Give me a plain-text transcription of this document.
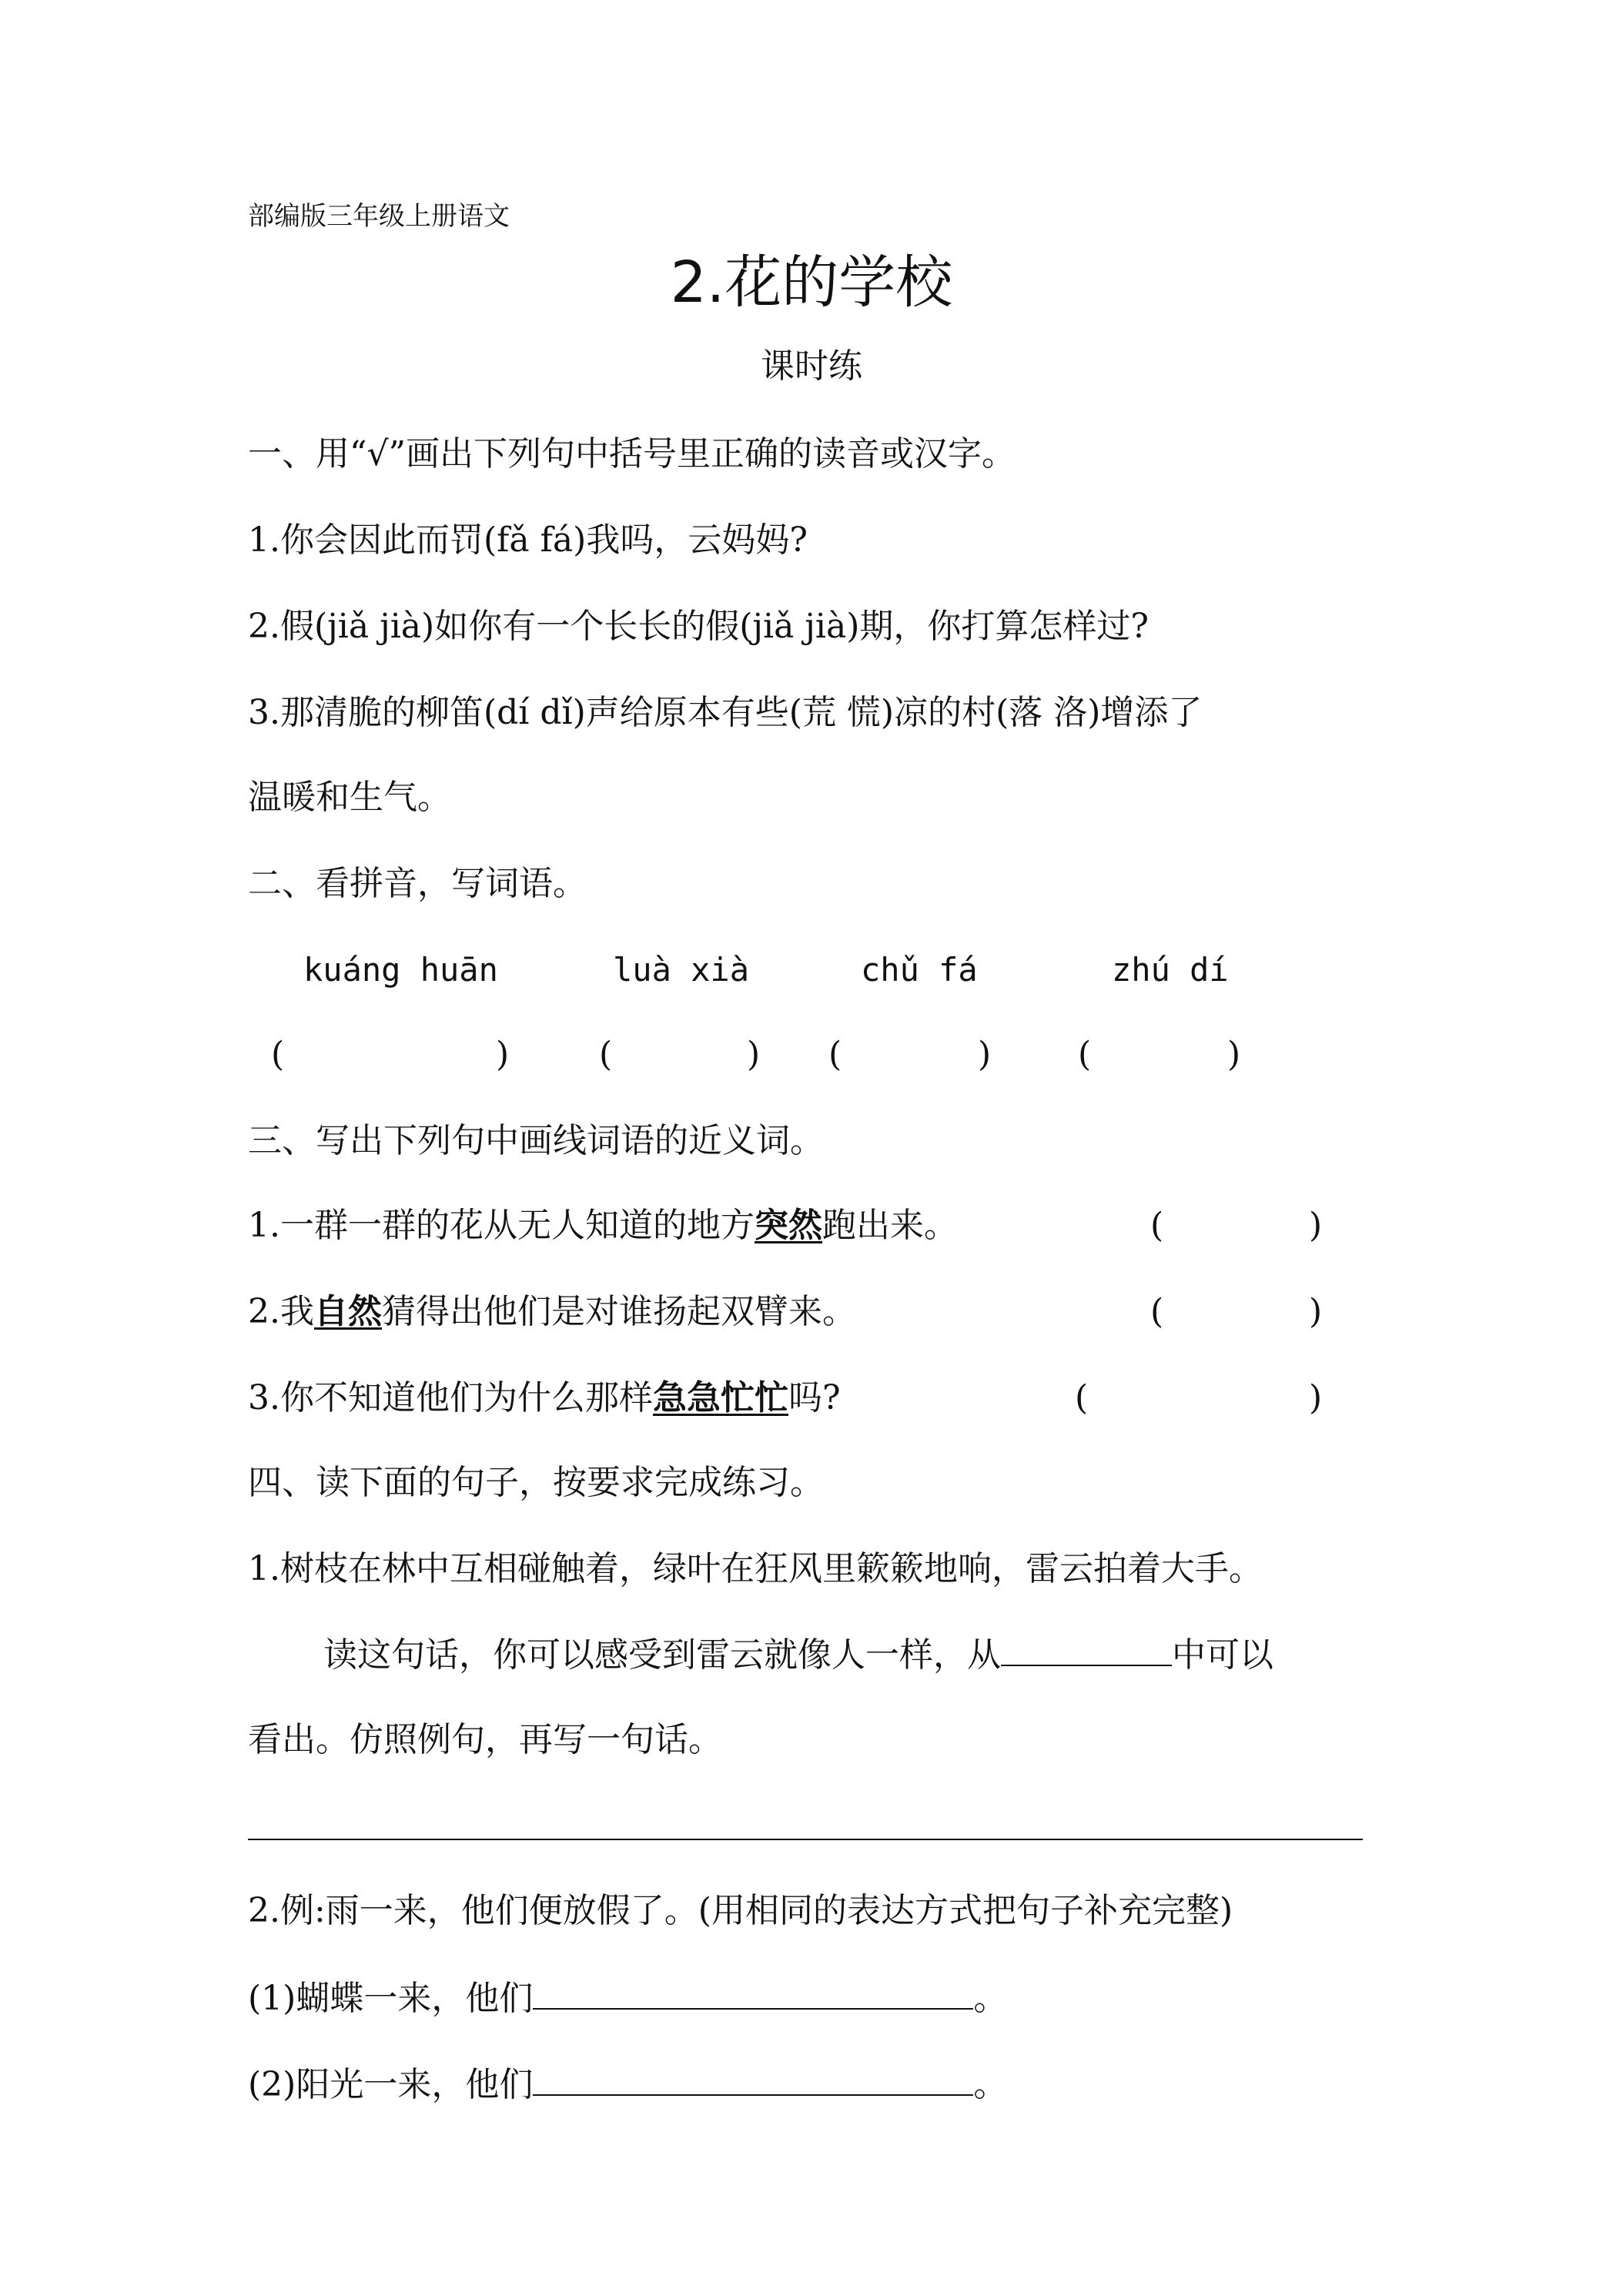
部编版三年级上册语文
2.花的学校
课时练
一、用“√”画出下列句中括号里正确的读音或汉字。
1.你会因此而罚(fǎ fá)我吗，云妈妈?
2.假(jiǎ jià)如你有一个长长的假(jiǎ jià)期，你打算怎样过?
3.那清脆的柳笛(dí dǐ)声给原本有些(荒 慌)凉的村(落 洛)增添了
温暖和生气。
二、看拼音，写词语。
kuáng huān	luà xià	chǔ fá	zhú dí
(	)	(	) (	)	(	)
三、写出下列句中画线词语的近义词。
1.一群一群的花从无人知道的地方突然跑出来。	(	)
2.我自然猜得出他们是对谁扬起双臂来。	(	)
3.你不知道他们为什么那样急急忙忙吗?	(	)
四、读下面的句子，按要求完成练习。
1.树枝在林中互相碰触着，绿叶在狂风里簌簌地响，雷云拍着大手。
读这句话，你可以感受到雷云就像人一样，从	中可以
看出。仿照例句，再写一句话。
2.例:雨一来，他们便放假了。(用相同的表达方式把句子补充完整)
(1)蝴蝶一来，他们	。
(2)阳光一来，他们	。
